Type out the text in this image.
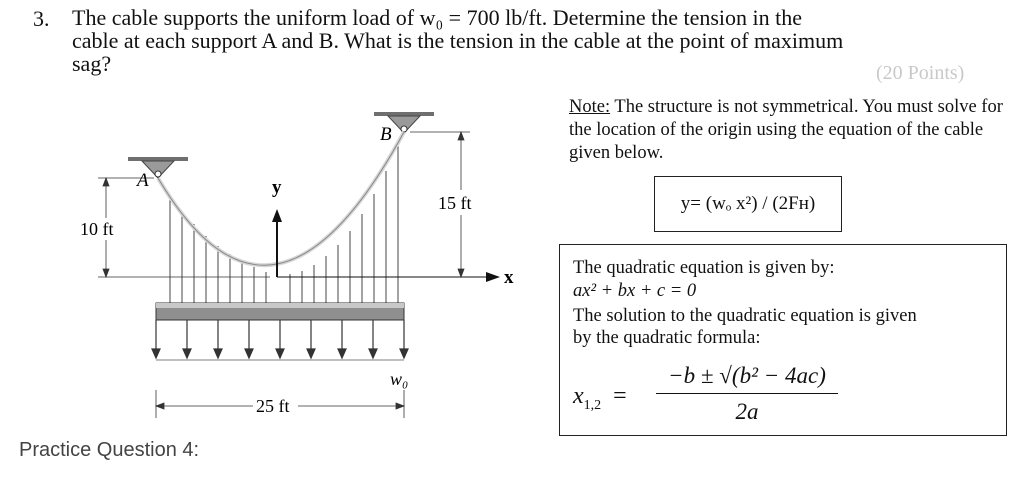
3. The cable supports the uniform load of w₀ = 700 lb/ft. Determine the tension in the
cable at each support A and B. What is the tension in the cable at the point of maximum
sag?	(20 Points)
A
B
y
x
10 ft
15 ft
25 ft
w₀
Note: The structure is not symmetrical. You must solve for the location of the origin using the equation of the cable given below.
y= (wₒ x²) / (2Fʜ)
The quadratic equation is given by:
ax² + bx + c = 0
The solution to the quadratic equation is given
by the quadratic formula:
$x_{1,2}$ =
−b ± √(b² − 4ac)
2a
Practice Question 4:
